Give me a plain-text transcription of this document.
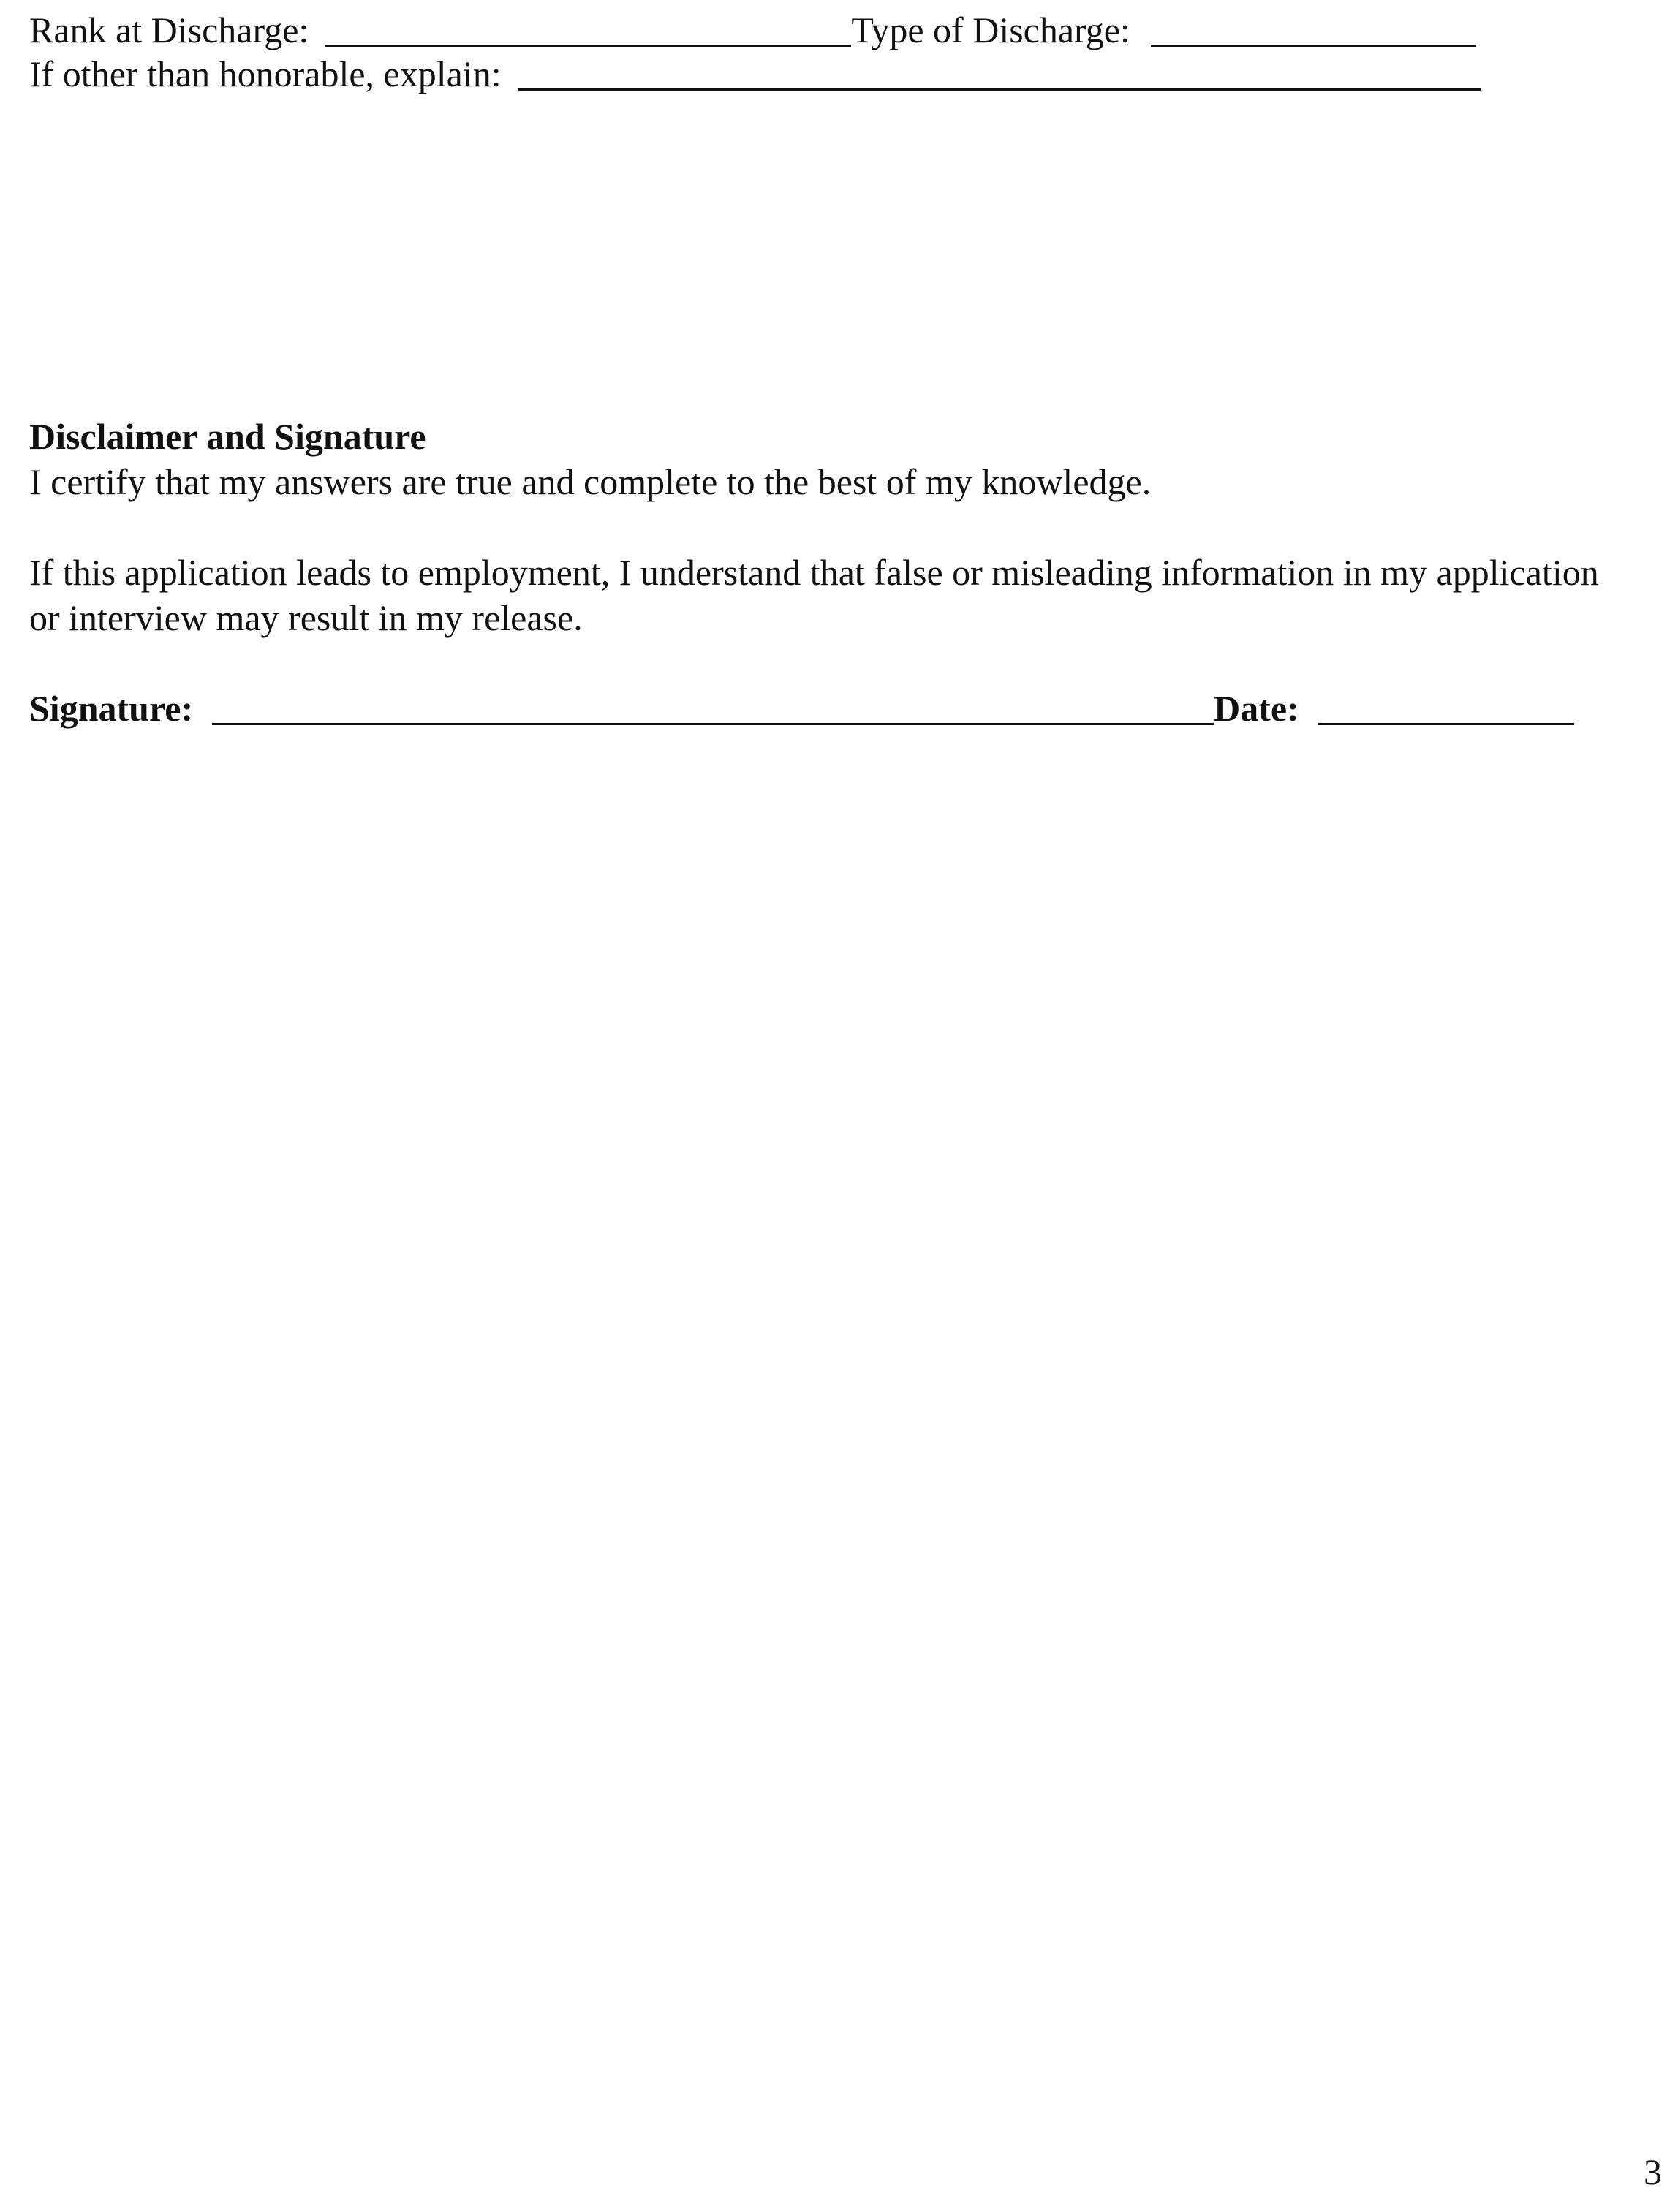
Rank at Discharge:	Type of Discharge:
If other than honorable, explain:
Disclaimer and Signature
I certify that my answers are true and complete to the best of my knowledge.
If this application leads to employment, I understand that false or misleading information in my application or interview may result in my release.
Signature:	Date:
3
